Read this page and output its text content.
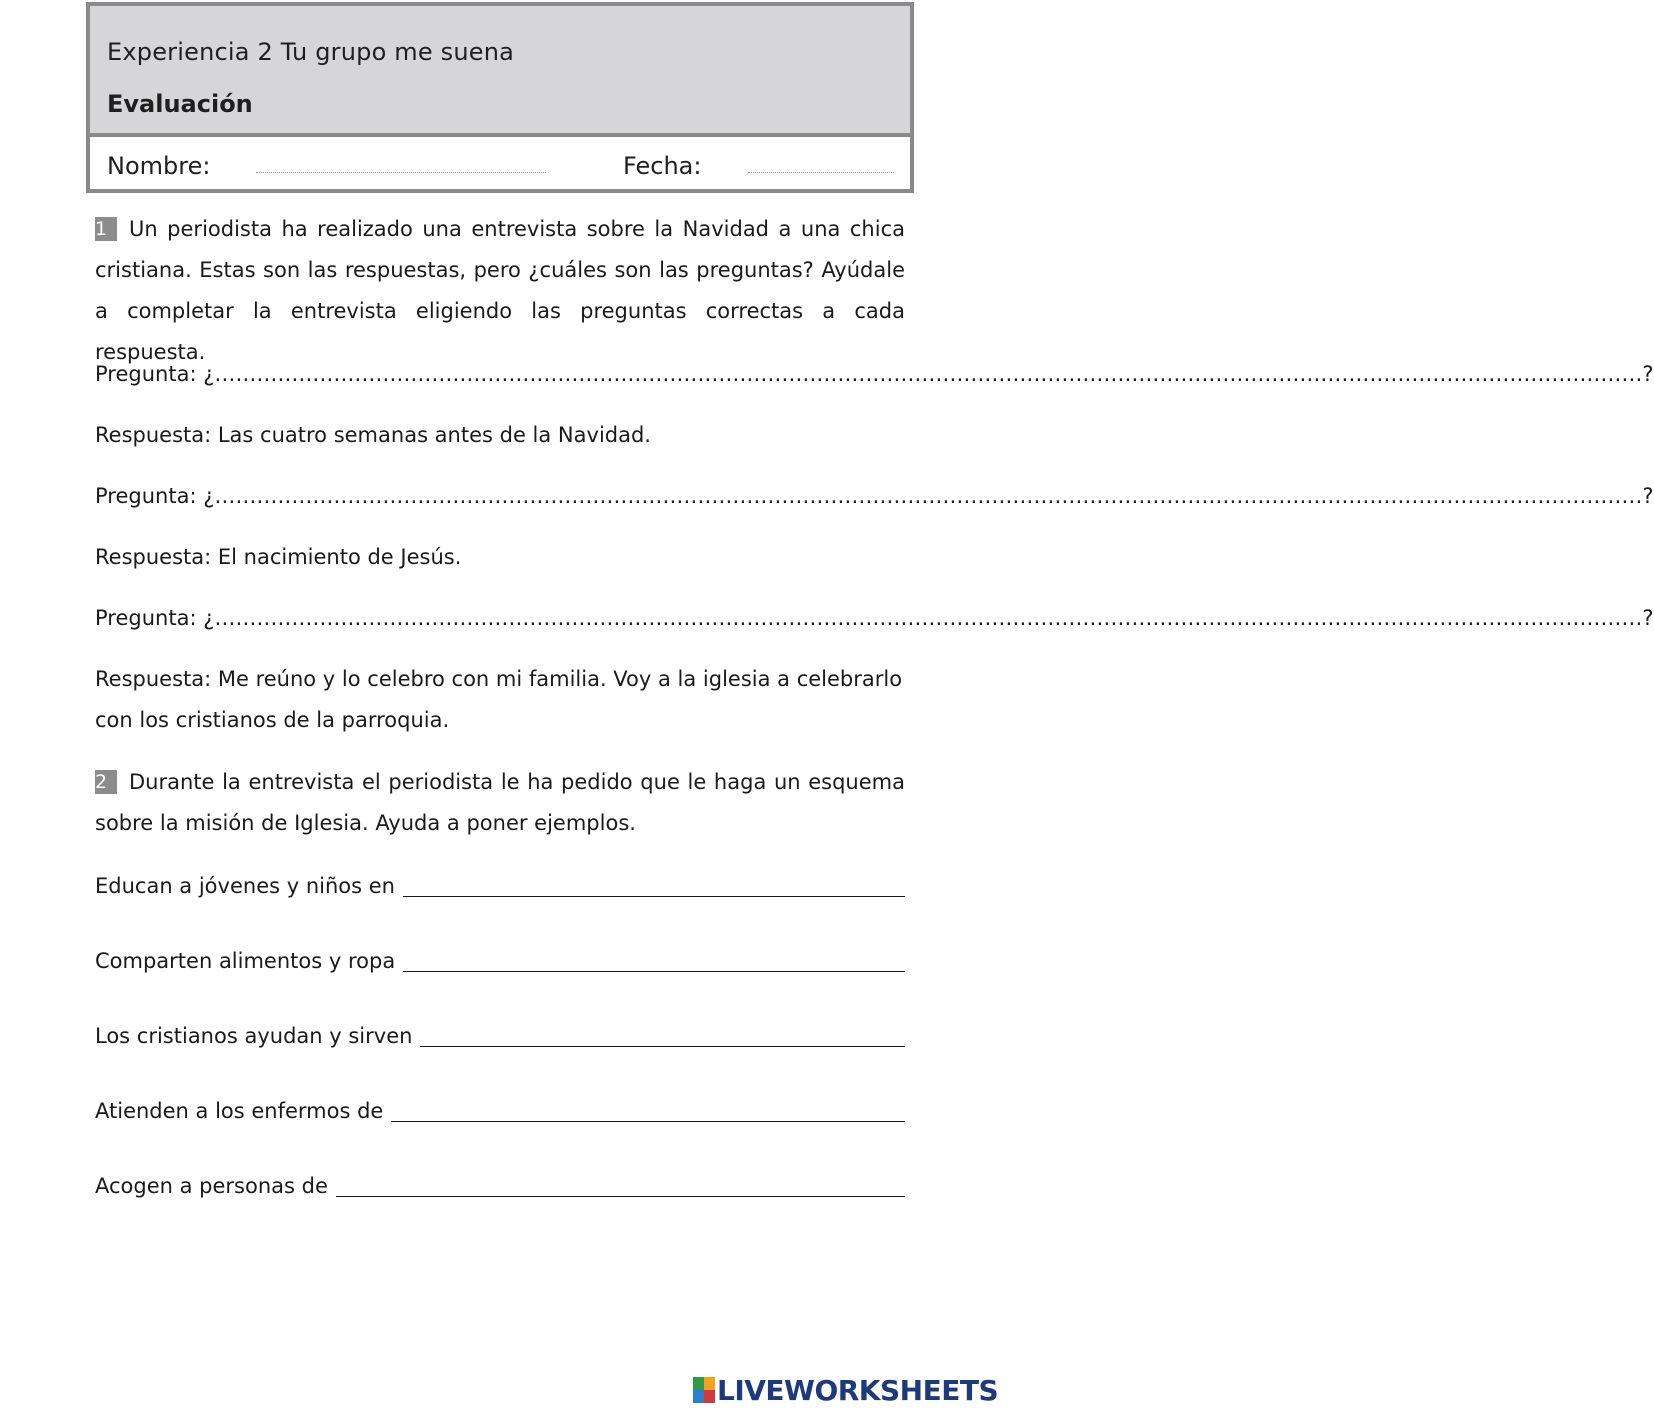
Experiencia 2 Tu grupo me suena
Evaluación
Nombre:	Fecha:
1 Un periodista ha realizado una entrevista sobre la Navidad a una chica cristiana. Estas son las respuestas, pero ¿cuáles son las preguntas? Ayúdale a completar la entrevista eligiendo las preguntas correctas a cada respuesta.
Pregunta: ¿ …………………………………………………………………………………………………………………………………………………………………………………… ?
Respuesta: Las cuatro semanas antes de la Navidad.
Pregunta: ¿ …………………………………………………………………………………………………………………………………………………………………………………… ?
Respuesta: El nacimiento de Jesús.
Pregunta: ¿ …………………………………………………………………………………………………………………………………………………………………………………… ?
Respuesta: Me reúno y lo celebro con mi familia. Voy a la iglesia a celebrarlo con los cristianos de la parroquia.
2 Durante la entrevista el periodista le ha pedido que le haga un esquema sobre la misión de Iglesia. Ayuda a poner ejemplos.
Educan a jóvenes y niños en
Comparten alimentos y ropa
Los cristianos ayudan y sirven
Atienden a los enfermos de
Acogen a personas de
LIVEWORKSHEETS
